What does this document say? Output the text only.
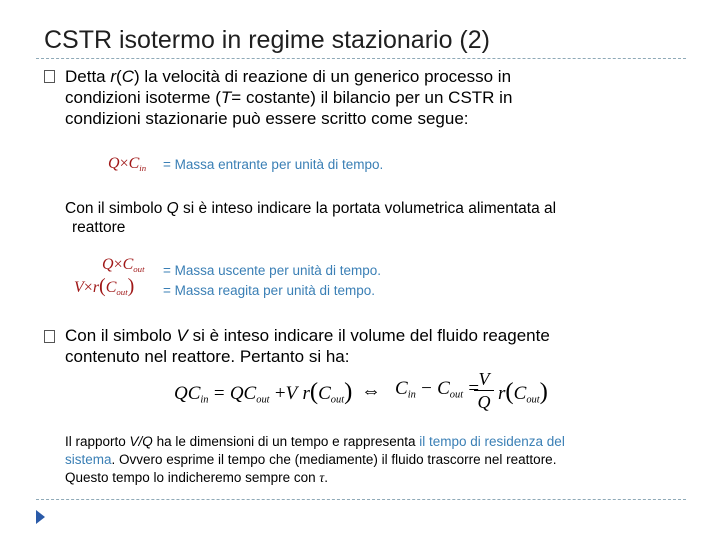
CSTR isotermo in regime stazionario (2)
Detta r(C) la velocità di reazione di un generico processo in
condizioni isoterme (T= costante) il bilancio per un CSTR in
condizioni stazionarie può essere scritto come segue:
$Q\times C_{in}$ = Massa entrante per unità di tempo.
Con il simbolo Q si è inteso indicare la portata volumetrica alimentata al
reattore
$Q\times C_{out}$ = Massa uscente per unità di tempo.
$V\times r(C_{out})$ = Massa reagita per unità di tempo.
Con il simbolo V si è inteso indicare il volume del fluido reagente
contenuto nel reattore. Pertanto si ha:
$QC_{in} = QC_{out} +V$ $r(C_{out})$ ⇔ $C_{in} - C_{out} = V$
Q $r(C_{out})$
Il rapporto V/Q ha le dimensioni di un tempo e rappresenta il tempo di residenza del
sistema. Ovvero esprime il tempo che (mediamente) il fluido trascorre nel reattore.
Questo tempo lo indicheremo sempre con τ.
